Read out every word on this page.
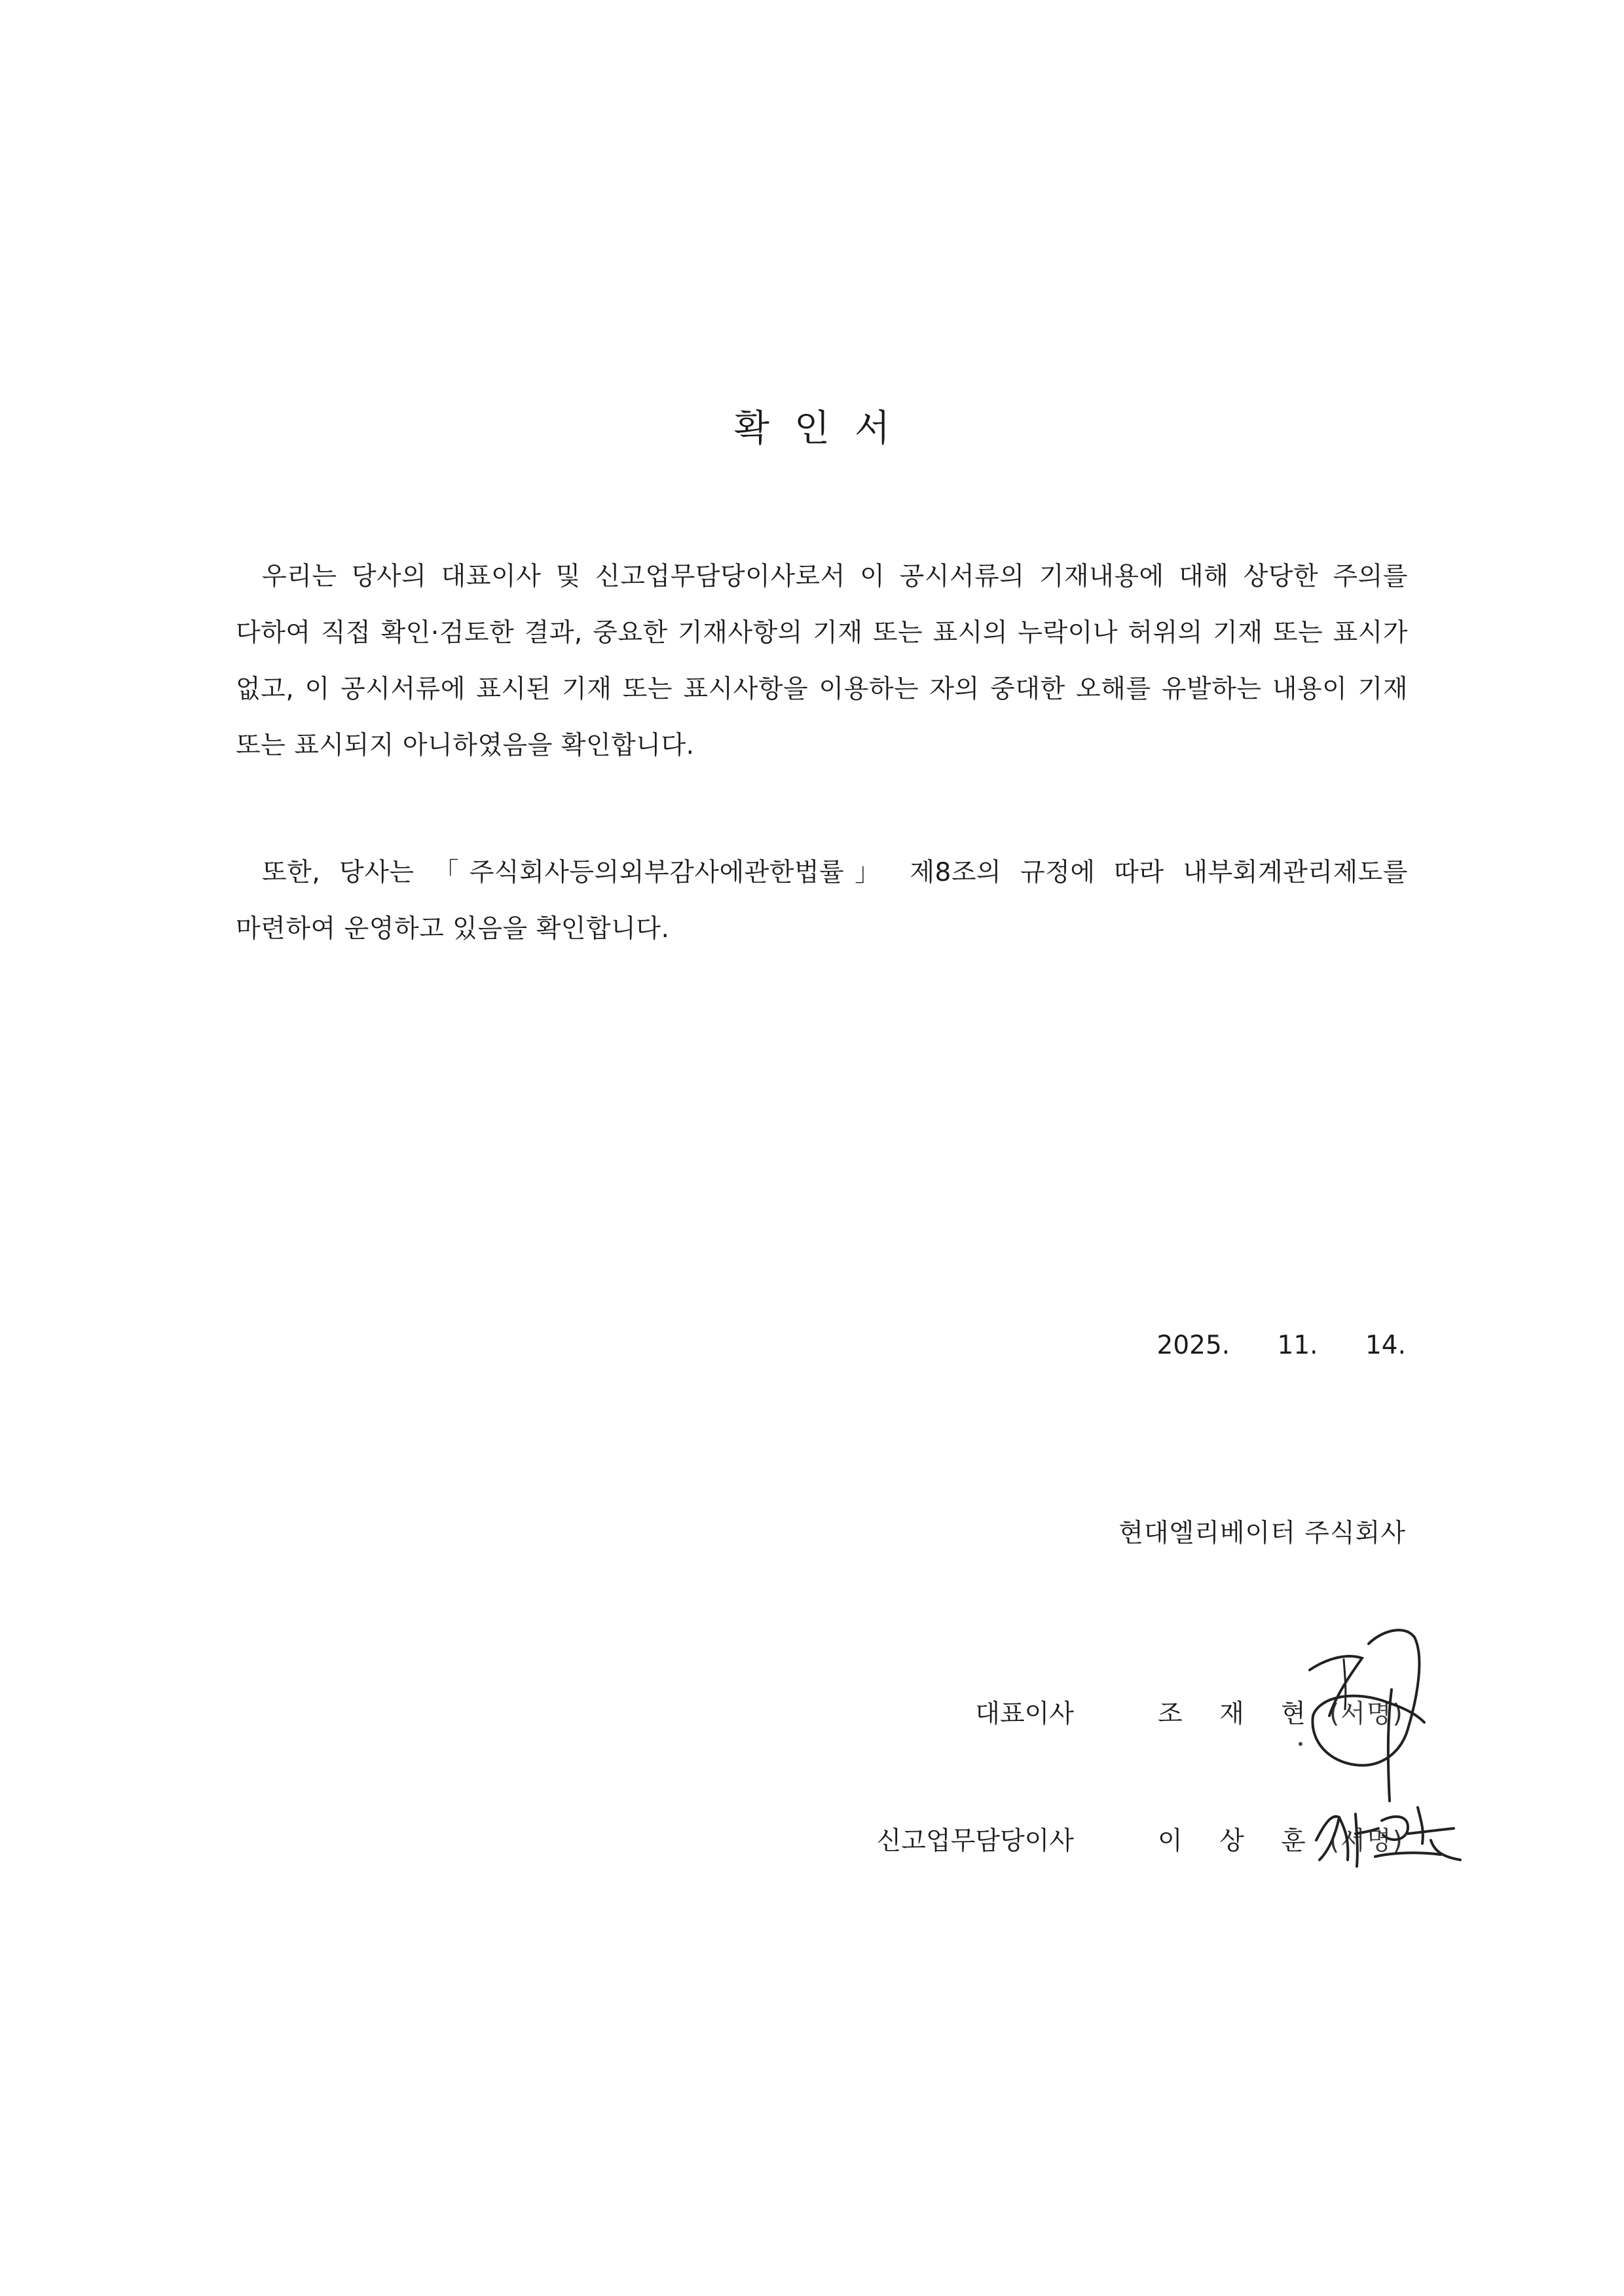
확인서

우리는 당사의 대표이사 및 신고업무담당이사로서 이 공시서류의 기재내용에 대해 상당한 주의를 다하여 직접 확인·검토한 결과, 중요한 기재사항의 기재 또는 표시의 누락이나 허위의 기재 또는 표시가 없고, 이 공시서류에 표시된 기재 또는 표시사항을 이용하는 자의 중대한 오해를 유발하는 내용이 기재 또는 표시되지 아니하였음을 확인합니다.

또한, 당사는 「주식회사등의외부감사에관한법률」 제8조의 규정에 따라 내부회계관리제도를 마련하여 운영하고 있음을 확인합니다.

2025. 11. 14.
현대엘리베이터 주식회사
대표이사	조 재 현 (서명)
신고업무담당이사	이 상 훈 (서명)
